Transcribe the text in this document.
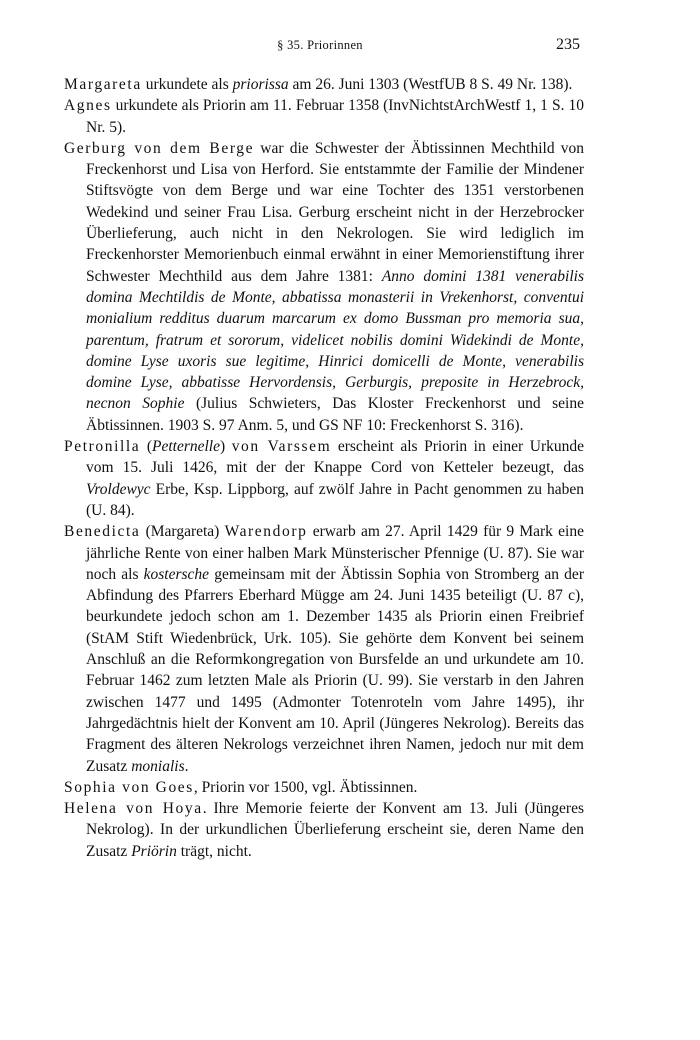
§ 35. Priorinnen	235

Margareta urkundete als priorissa am 26. Juni 1303 (WestfUB 8 S. 49 Nr. 138).

Agnes urkundete als Priorin am 11. Februar 1358 (InvNichtstArchWestf 1, 1 S. 10 Nr. 5).

Gerburg von dem Berge war die Schwester der Äbtissinnen Mechthild von Freckenhorst und Lisa von Herford. Sie entstammte der Familie der Mindener Stiftsvögte von dem Berge und war eine Tochter des 1351 verstorbenen Wedekind und seiner Frau Lisa. Gerburg erscheint nicht in der Herzebrocker Überlieferung, auch nicht in den Nekrologen. Sie wird lediglich im Freckenhorster Memorienbuch einmal erwähnt in einer Memorienstiftung ihrer Schwester Mechthild aus dem Jahre 1381: Anno domini 1381 venerabilis domina Mechtildis de Monte, abbatissa monasterii in Vrekenhorst, conventui monialium redditus duarum marcarum ex domo Bussman pro memoria sua, parentum, fratrum et sororum, videlicet nobilis domini Widekindi de Monte, domine Lyse uxoris sue legitime, Hinrici domicelli de Monte, venerabilis domine Lyse, abbatisse Hervordensis, Gerburgis, preposite in Herzebrock, necnon Sophie (Julius Schwieters, Das Kloster Freckenhorst und seine Äbtissinnen. 1903 S. 97 Anm. 5, und GS NF 10: Freckenhorst S. 316).

Petronilla (Petternelle) von Varssem erscheint als Priorin in einer Urkunde vom 15. Juli 1426, mit der der Knappe Cord von Ketteler bezeugt, das Vroldewyc Erbe, Ksp. Lippborg, auf zwölf Jahre in Pacht genommen zu haben (U. 84).

Benedicta (Margareta) Warendorp erwarb am 27. April 1429 für 9 Mark eine jährliche Rente von einer halben Mark Münsterischer Pfennige (U. 87). Sie war noch als kostersche gemeinsam mit der Äbtissin Sophia von Stromberg an der Abfindung des Pfarrers Eberhard Mügge am 24. Juni 1435 beteiligt (U. 87 c), beurkundete jedoch schon am 1. Dezember 1435 als Priorin einen Freibrief (StAM Stift Wiedenbrück, Urk. 105). Sie gehörte dem Konvent bei seinem Anschluß an die Reformkongregation von Bursfelde an und urkundete am 10. Februar 1462 zum letzten Male als Priorin (U. 99). Sie verstarb in den Jahren zwischen 1477 und 1495 (Admonter Totenroteln vom Jahre 1495), ihr Jahrgedächtnis hielt der Konvent am 10. April (Jüngeres Nekrolog). Bereits das Fragment des älteren Nekrologs verzeichnet ihren Namen, jedoch nur mit dem Zusatz monialis.

Sophia von Goes, Priorin vor 1500, vgl. Äbtissinnen.

Helena von Hoya. Ihre Memorie feierte der Konvent am 13. Juli (Jüngeres Nekrolog). In der urkundlichen Überlieferung erscheint sie, deren Name den Zusatz Priörin trägt, nicht.
